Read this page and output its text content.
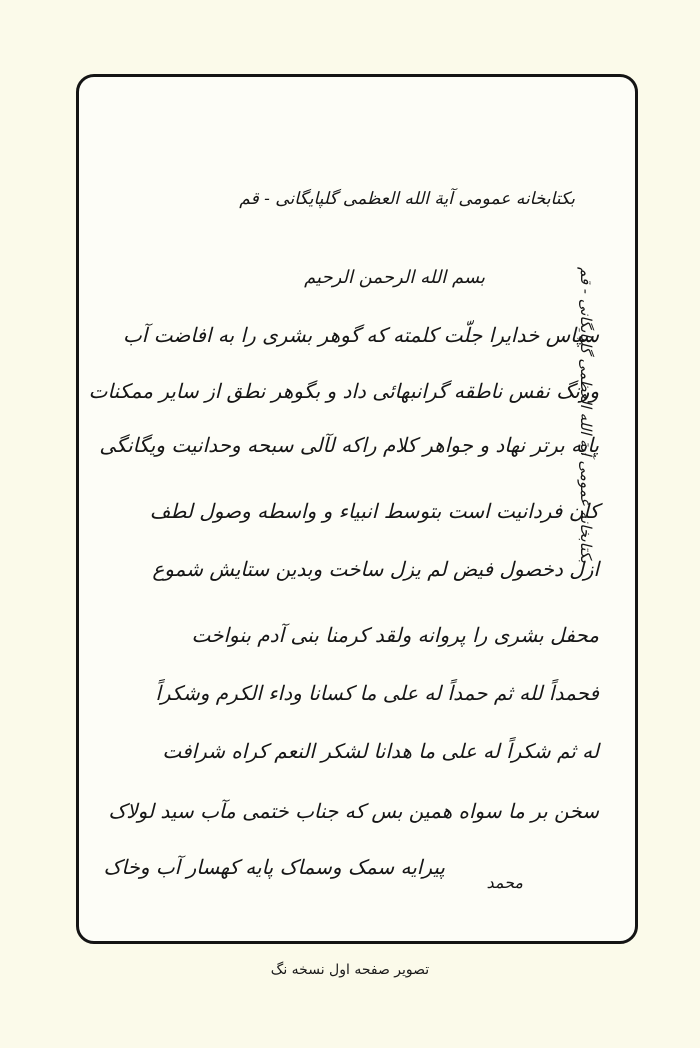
بکتابخانه عمومی آیة الله العظمی گلپایگانی - قم
بکتابخانه عمومی آیة الله العظمی گلپایگانی - قم
بسم الله الرحمن الرحیم
سپاس خدایرا جلّت کلمته که گوهر بشری را به افاضت آب
ورنگ نفس ناطقه گرانبهائی داد و بگوهر نطق از سایر ممکنات
پایه برتر نهاد و جواهر کلام راکه لآلی سبحه وحدانیت ویگانگی
کان فردانیت است بتوسط انبیاء و واسطه وصول لطف
ازل دخصول فیض لم یزل ساخت وبدین ستایش شموع
محفل بشری را پروانه ولقد کرمنا بنی آدم بنواخت
فحمداً لله ثم حمداً له علی ما کسانا وداء الکرم وشکراً
له ثم شکراً له علی ما هدانا لشکر النعم کراه شرافت
سخن بر ما سواه همین بس که جناب ختمی مآب سید لولاک
پیرایه سمک وسماک پایه کهسار آب وخاک
محمد
تصویر صفحه اول نسخه نگ
